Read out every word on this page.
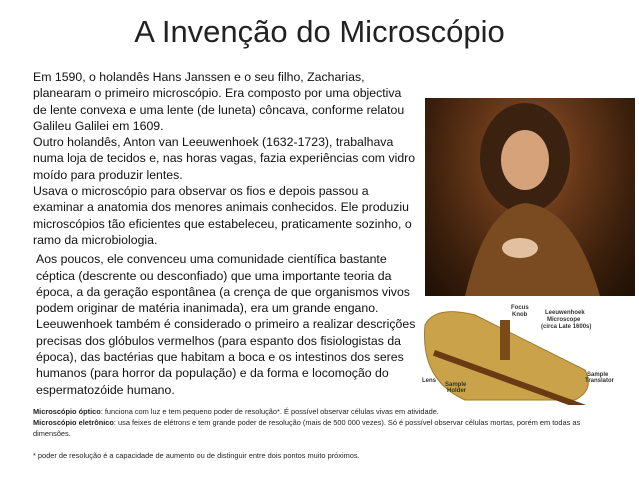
A Invenção do Microscópio

Em 1590, o holandês Hans Janssen e o seu filho, Zacharias, planearam o primeiro microscópio. Era composto por uma objectiva de lente convexa e uma lente (de luneta) côncava, conforme relatou Galileu Galilei em 1609.

Outro holandês, Anton van Leeuwenhoek (1632-1723), trabalhava numa loja de tecidos e, nas horas vagas, fazia experiências com vidro moído para produzir lentes.

Usava o microscópio para observar os fios e depois passou a examinar a anatomia dos menores animais conhecidos. Ele produziu microscópios tão eficientes que estabeleceu, praticamente sozinho, o ramo da microbiologia.

Aos poucos, ele convenceu uma comunidade científica bastante céptica (descrente ou desconfiado) que uma importante teoria da época, a da geração espontânea (a crença de que organismos vivos podem originar de matéria inanimada), era um grande engano. Leeuwenhoek também é considerado o primeiro a realizar descrições precisas dos glóbulos vermelhos (para espanto dos fisiologistas da época), das bactérias que habitam a boca e os intestinos dos seres humanos (para horror da população) e da forma e locomoção do espermatozóide humano.

Leeuwenhoek
Microscope
(circa Late 1600s)
Focus
Knob
Lens
Sample
Holder
Sample
Translator

Microscópio óptico: funciona com luz e tem pequeno poder de resolução*. É possível observar células vivas em atividade.

Microscópio eletrônico: usa feixes de elétrons e tem grande poder de resolução (mais de 500 000 vezes). Só é possível observar células mortas, porém em todas as dimensões.

* poder de resolução é a capacidade de aumento ou de distinguir entre dois pontos muito próximos.
